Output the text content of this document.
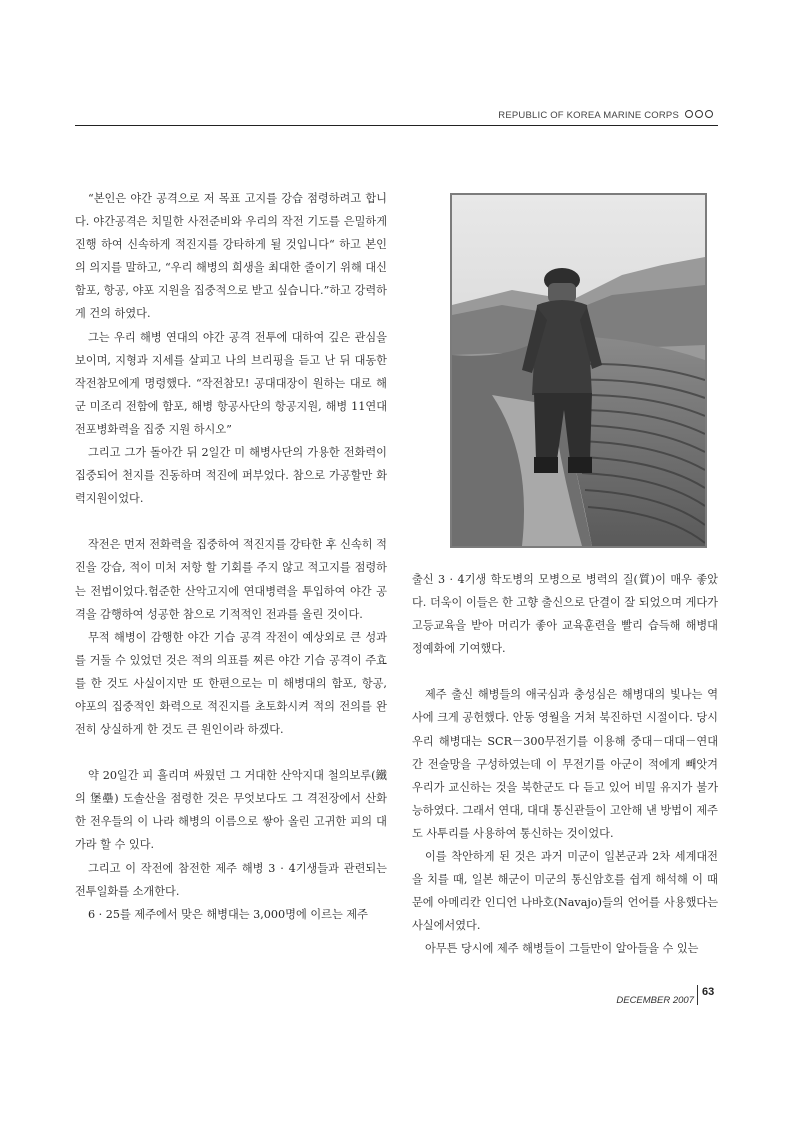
REPUBLIC OF KOREA MARINE CORPS

“본인은 야간 공격으로 저 목표 고지를 강습 점령하려고 합니다. 야간공격은 치밀한 사전준비와 우리의 작전 기도를 은밀하게 진행 하여 신속하게 적진지를 강타하게 될 것입니다“ 하고 본인의 의지를 말하고, “우리 해병의 희생을 최대한 줄이기 위해 대신 함포, 항공, 야포 지원을 집중적으로 받고 싶습니다.”하고 강력하게 건의 하였다.

그는 우리 해병 연대의 야간 공격 전투에 대하여 깊은 관심을 보이며, 지형과 지세를 살피고 나의 브리핑을 듣고 난 뒤 대동한 작전참모에게 명령했다. “작전참모! 공대대장이 원하는 대로 해군 미조리 전함에 함포, 해병 항공사단의 항공지원, 해병 11연대 전포병화력을 집중 지원 하시오”

그리고 그가 돌아간 뒤 2일간 미 해병사단의 가용한 전화력이 집중되어 천지를 진동하며 적진에 퍼부었다. 참으로 가공할만 화력지원이었다.

작전은 먼저 전화력을 집중하여 적진지를 강타한 후 신속히 적진을 강습, 적이 미처 저항 할 기회를 주지 않고 적고지를 점령하는 전법이었다.험준한 산악고지에 연대병력을 투입하여 야간 공격을 감행하여 성공한 참으로 기적적인 전과를 올린 것이다.

무적 해병이 감행한 야간 기습 공격 작전이 예상외로 큰 성과를 거둘 수 있었던 것은 적의 의표를 찌른 야간 기습 공격이 주효를 한 것도 사실이지만 또 한편으로는 미 해병대의 함포, 항공, 야포의 집중적인 화력으로 적진지를 초토화시켜 적의 전의를 완전히 상실하게 한 것도 큰 원인이라 하겠다.

약 20일간 피 흘리며 싸웠던 그 거대한 산악지대 철의보루(鐵의 堡壘) 도솔산을 점령한 것은 무엇보다도 그 격전장에서 산화한 전우들의 이 나라 해병의 이름으로 쌓아 올린 고귀한 피의 대가라 할 수 있다.

그리고 이 작전에 참전한 제주 해병 3 · 4기생들과 관련되는 전투일화를 소개한다.

6 · 25를 제주에서 맞은 해병대는 3,000명에 이르는 제주

출신 3 · 4기생 학도병의 모병으로 병력의 질(質)이 매우 좋았다. 더욱이 이들은 한 고향 출신으로 단결이 잘 되었으며 게다가 고등교육을 받아 머리가 좋아 교육훈련을 빨리 습득해 해병대 정예화에 기여했다.

제주 출신 해병들의 애국심과 충성심은 해병대의 빛나는 역사에 크게 공헌했다. 안동 영월을 거쳐 북진하던 시절이다. 당시 우리 해병대는 SCR－300무전기를 이용해 중대－대대－연대간 전술망을 구성하였는데 이 무전기를 아군이 적에게 빼앗겨 우리가 교신하는 것을 북한군도 다 듣고 있어 비밀 유지가 불가능하였다. 그래서 연대, 대대 통신관들이 고안해 낸 방법이 제주도 사투리를 사용하여 통신하는 것이었다.

이를 착안하게 된 것은 과거 미군이 일본군과 2차 세계대전을 치를 때, 일본 해군이 미군의 통신암호를 쉽게 해석해 이 때문에 아메리칸 인디언 나바호(Navajo)들의 언어를 사용했다는 사실에서였다.

아무튼 당시에 제주 해병들이 그들만이 알아들을 수 있는

DECEMBER 2007
63
